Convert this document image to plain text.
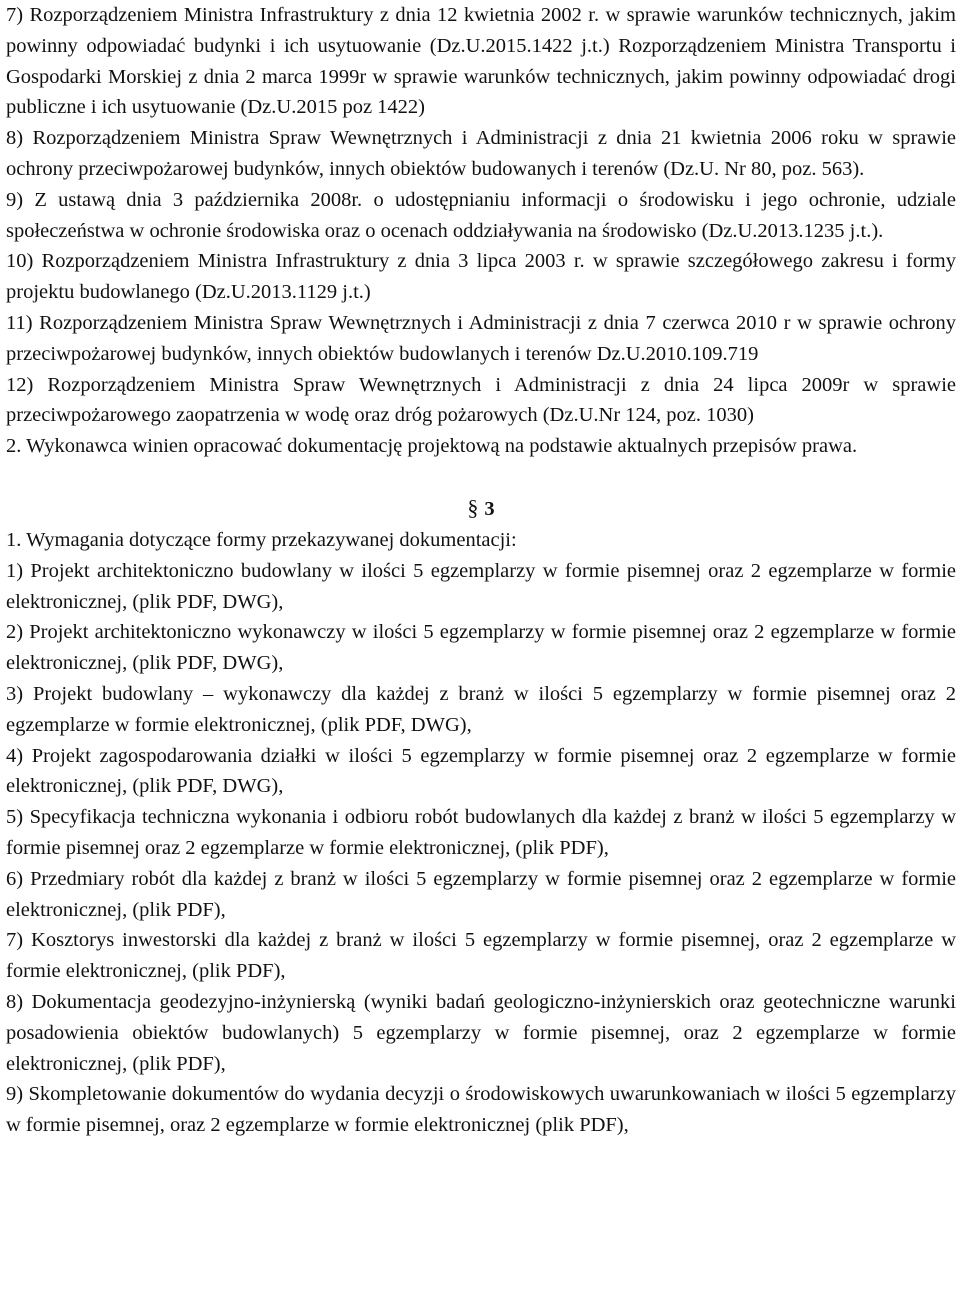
7) Rozporządzeniem Ministra Infrastruktury z dnia 12 kwietnia 2002 r. w sprawie warunków technicznych, jakim powinny odpowiadać budynki i ich usytuowanie (Dz.U.2015.1422 j.t.) Rozporządzeniem Ministra Transportu i Gospodarki Morskiej z dnia 2 marca 1999r w sprawie warunków technicznych, jakim powinny odpowiadać drogi publiczne i ich usytuowanie (Dz.U.2015 poz 1422)

8) Rozporządzeniem Ministra Spraw Wewnętrznych i Administracji z dnia 21 kwietnia 2006 roku w sprawie ochrony przeciwpożarowej budynków, innych obiektów budowanych i terenów (Dz.U. Nr 80, poz. 563).

9) Z ustawą dnia 3 października 2008r. o udostępnianiu informacji o środowisku i jego ochronie, udziale społeczeństwa w ochronie środowiska oraz o ocenach oddziaływania na środowisko (Dz.U.2013.1235 j.t.).

10) Rozporządzeniem Ministra Infrastruktury z dnia 3 lipca 2003 r. w sprawie szczegółowego zakresu i formy projektu budowlanego (Dz.U.2013.1129 j.t.)

11) Rozporządzeniem Ministra Spraw Wewnętrznych i Administracji z dnia 7 czerwca 2010 r w sprawie ochrony przeciwpożarowej budynków, innych obiektów budowlanych i terenów Dz.U.2010.109.719

12) Rozporządzeniem Ministra Spraw Wewnętrznych i Administracji z dnia 24 lipca 2009r w sprawie przeciwpożarowego zaopatrzenia w wodę oraz dróg pożarowych (Dz.U.Nr 124, poz. 1030)

2. Wykonawca winien opracować dokumentację projektową na podstawie aktualnych przepisów prawa.

§ 3

1. Wymagania dotyczące formy przekazywanej dokumentacji:

1) Projekt architektoniczno budowlany w ilości 5 egzemplarzy w formie pisemnej oraz 2 egzemplarze w formie elektronicznej, (plik PDF, DWG),

2) Projekt architektoniczno wykonawczy w ilości 5 egzemplarzy w formie pisemnej oraz 2 egzemplarze w formie elektronicznej, (plik PDF, DWG),

3) Projekt budowlany – wykonawczy dla każdej z branż w ilości 5 egzemplarzy w formie pisemnej oraz 2 egzemplarze w formie elektronicznej, (plik PDF, DWG),

4) Projekt zagospodarowania działki w ilości 5 egzemplarzy w formie pisemnej oraz 2 egzemplarze w formie elektronicznej, (plik PDF, DWG),

5) Specyfikacja techniczna wykonania i odbioru robót budowlanych dla każdej z branż w ilości 5 egzemplarzy w formie pisemnej oraz 2 egzemplarze w formie elektronicznej, (plik PDF),

6) Przedmiary robót dla każdej z branż w ilości 5 egzemplarzy w formie pisemnej oraz 2 egzemplarze w formie elektronicznej, (plik PDF),

7) Kosztorys inwestorski dla każdej z branż w ilości 5 egzemplarzy w formie pisemnej, oraz 2 egzemplarze w formie elektronicznej, (plik PDF),

8) Dokumentacja geodezyjno-inżynierską (wyniki badań geologiczno-inżynierskich oraz geotechniczne warunki posadowienia obiektów budowlanych) 5 egzemplarzy w formie pisemnej, oraz 2 egzemplarze w formie elektronicznej, (plik PDF),

9) Skompletowanie dokumentów do wydania decyzji o środowiskowych uwarunkowaniach w ilości 5 egzemplarzy w formie pisemnej, oraz 2 egzemplarze w formie elektronicznej (plik PDF),
